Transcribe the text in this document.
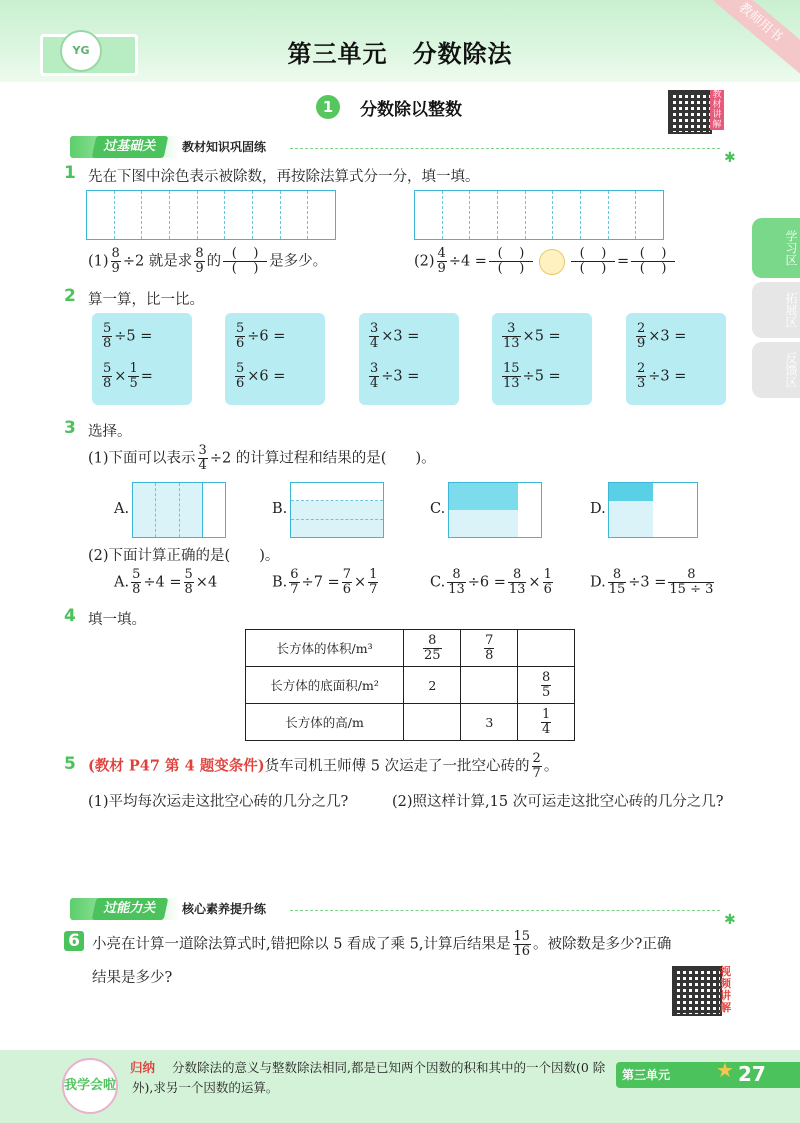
YG	第三单元　分数除法
教师用书
1	分数除以整数
教材讲解
学习区
拓展区
反馈区
过基础关	教材知识巩固练
✱
1 先在下图中涂色表示被除数，再按除法算式分一分，填一填。
$(1) \frac{8}{9} \div 2$ 就是求 $\frac{8}{9}$ 的 (    )
(    ) 是多少。	$(2) \frac{4}{9} \div 4$ = (    )
(    )
(    )
(    ) = (    )
(    )
2 算一算，比一比。
$\frac{5}{8} \div 5$ =
$\frac{5}{8} \times \frac{1}{5}$ =
$\frac{5}{6} \div 6$ =
$\frac{5}{6} \times 6$ =
$\frac{3}{4} \times 3$ =
$\frac{3}{4} \div 3$ =
$\frac{3}{13} \times 5$ =
$\frac{15}{13} \div 5$ =
$\frac{2}{9} \times 3$ =
$\frac{2}{3} \div 3$ =
3 选择。
(1)下面可以表示 $\frac{3}{4} \div 2$ 的计算过程和结果的是(　　)。
A.	B.	C.	D.
(2)下面计算正确的是(　　)。
A. $\frac{5}{8} \div 4 = \frac{5}{8} \times 4$	B. $\frac{6}{7} \div 7 = \frac{7}{6} \times \frac{1}{7}$	C. $\frac{8}{13} \div 6 = \frac{8}{13} \times \frac{1}{6}$	D. $\frac{8}{15} \div 3 = \frac{8}{15 \div 3}$
4 填一填。
长方体的体积/m³	$\frac{8}{25}$	$\frac{7}{8}$

长方体的底面积/m²	2		$\frac{8}{5}$

长方体的高/m		3	$\frac{1}{4}$
5 (教材 P47 第 4 题变条件)货车司机王师傅 5 次运走了一批空心砖的 $\frac{2}{7}$ 。
(1)平均每次运走这批空心砖的几分之几?	(2)照这样计算,15 次可运走这批空心砖的几分之几?
过能力关	核心素养提升练
✱
6 小亮在计算一道除法算式时,错把除以 5 看成了乘 5,计算后结果是 $\frac{15}{16}$ 。被除数是多少?正确
结果是多少?	视频讲解
我学会啦
归纳	分数除法的意义与整数除法相同,都是已知两个因数的积和其中的一个因数(0 除外),求另一个因数的运算。
第三单元 ★ 27
